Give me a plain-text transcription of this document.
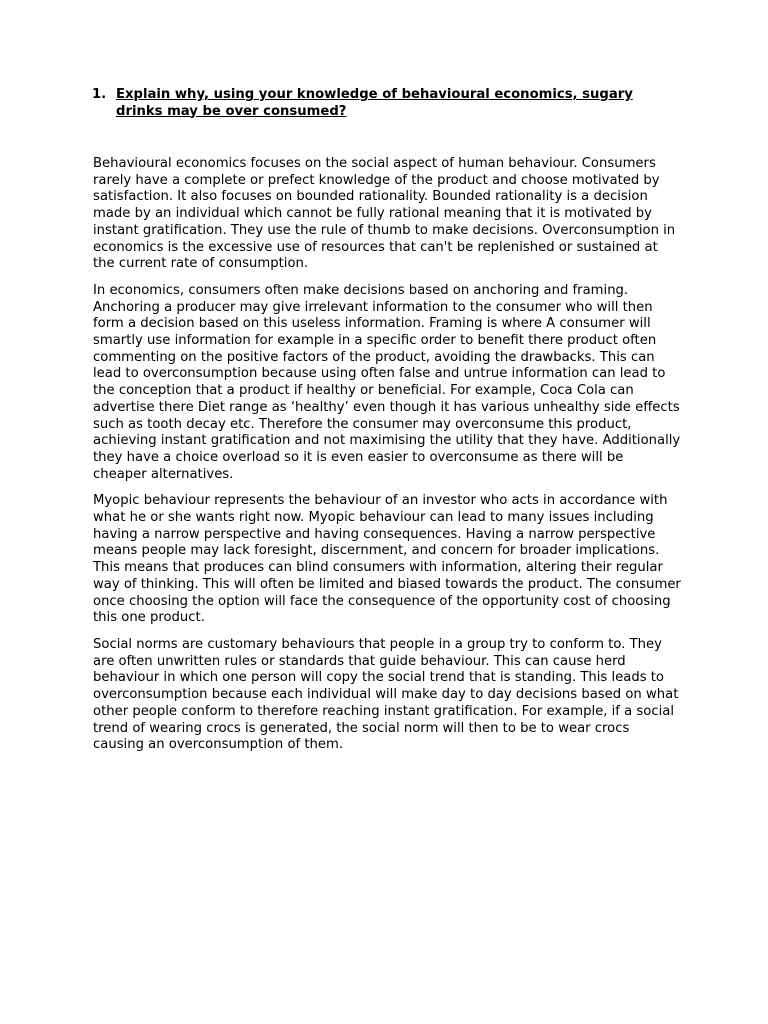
1. Explain why, using your knowledge of behavioural economics, sugary drinks may be over consumed?

Behavioural economics focuses on the social aspect of human behaviour. Consumers rarely have a complete or prefect knowledge of the product and choose motivated by satisfaction. It also focuses on bounded rationality. Bounded rationality is a decision made by an individual which cannot be fully rational meaning that it is motivated by instant gratification. They use the rule of thumb to make decisions. Overconsumption in economics is the excessive use of resources that can't be replenished or sustained at the current rate of consumption.

In economics, consumers often make decisions based on anchoring and framing. Anchoring a producer may give irrelevant information to the consumer who will then form a decision based on this useless information. Framing is where A consumer will smartly use information for example in a specific order to benefit there product often commenting on the positive factors of the product, avoiding the drawbacks. This can lead to overconsumption because using often false and untrue information can lead to the conception that a product if healthy or beneficial. For example, Coca Cola can advertise there Diet range as ‘healthy’ even though it has various unhealthy side effects such as tooth decay etc. Therefore the consumer may overconsume this product, achieving instant gratification and not maximising the utility that they have. Additionally they have a choice overload so it is even easier to overconsume as there will be cheaper alternatives.

Myopic behaviour represents the behaviour of an investor who acts in accordance with what he or she wants right now. Myopic behaviour can lead to many issues including having a narrow perspective and having consequences. Having a narrow perspective means people may lack foresight, discernment, and concern for broader implications. This means that produces can blind consumers with information, altering their regular way of thinking. This will often be limited and biased towards the product. The consumer once choosing the option will face the consequence of the opportunity cost of choosing this one product.

Social norms are customary behaviours that people in a group try to conform to. They are often unwritten rules or standards that guide behaviour. This can cause herd behaviour in which one person will copy the social trend that is standing. This leads to overconsumption because each individual will make day to day decisions based on what other people conform to therefore reaching instant gratification. For example, if a social trend of wearing crocs is generated, the social norm will then to be to wear crocs causing an overconsumption of them.
